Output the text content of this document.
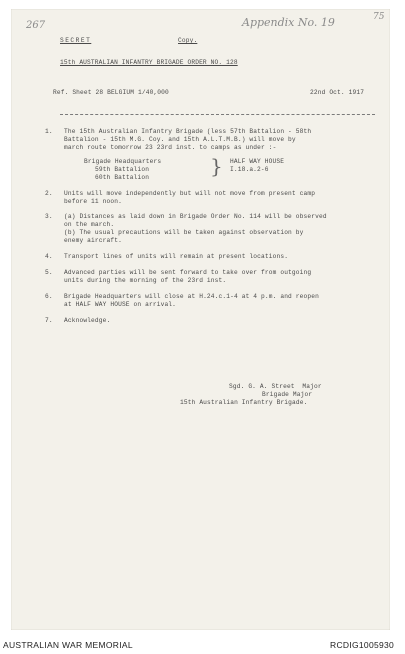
267	Appendix No. 19	75
SECRET	Copy.
15th AUSTRALIAN INFANTRY BRIGADE ORDER NO. 128
Ref. Sheet 28 BELGIUM 1/40,000	22nd Oct. 1917
1. The 15th Australian Infantry Brigade (less 57th Battalion - 58th
Battalion - 15th M.G. Coy. and 15th A.L.T.M.B.) will move by
march route tomorrow 23 23rd inst. to camps as under :-
Brigade Headquarters
59th Battalion
60th Battalion	} HALF WAY HOUSE
I.18.a.2-6
2. Units will move independently but will not move from present camp
before 11 noon.
3. (a) Distances as laid down in Brigade Order No. 114 will be observed
on the march.
(b) The usual precautions will be taken against observation by
enemy aircraft.
4. Transport lines of units will remain at present locations.
5. Advanced parties will be sent forward to take over from outgoing
units during the morning of the 23rd inst.
6. Brigade Headquarters will close at H.24.c.1-4 at 4 p.m. and reopen
at HALF WAY HOUSE on arrival.
7. Acknowledge.
Sgd. G. A. Street  Major
Brigade Major
15th Australian Infantry Brigade.
AUSTRALIAN WAR MEMORIAL	RCDIG1005930
